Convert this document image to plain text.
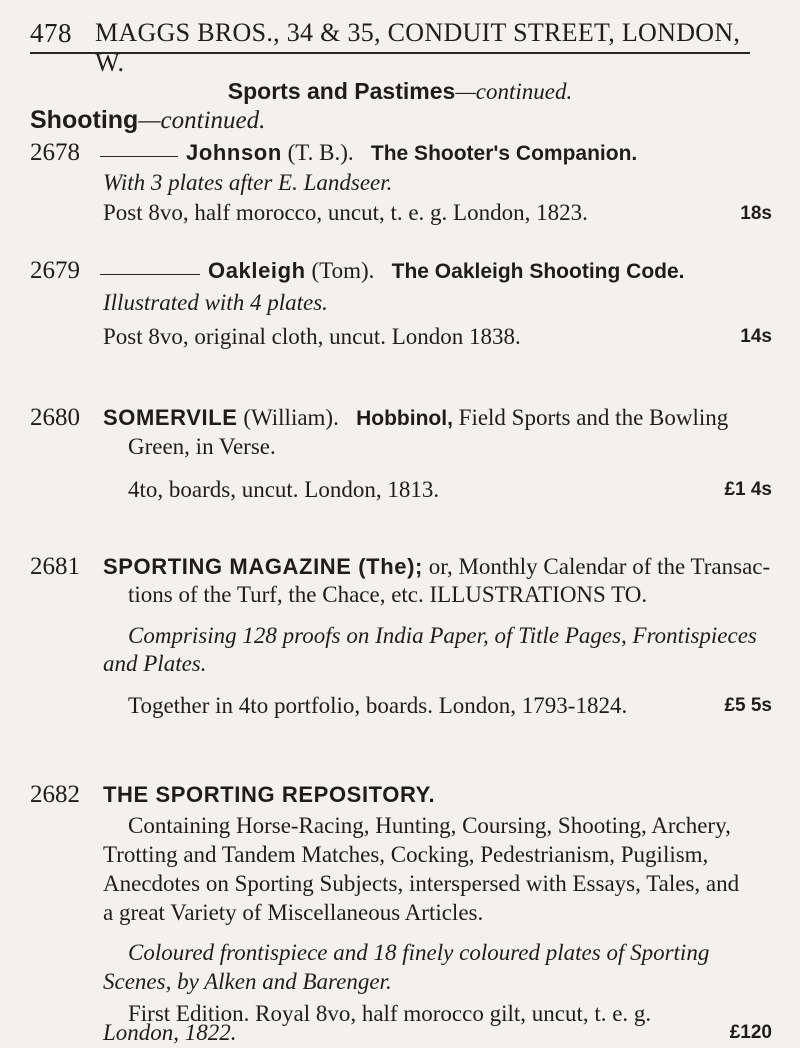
478 MAGGS BROS., 34 & 35, CONDUIT STREET, LONDON, W.
Sports and Pastimes—continued.
Shooting—continued.
2678	Johnson (T. B.). The Shooter's Companion.
With 3 plates after E. Landseer.
Post 8vo, half morocco, uncut, t. e. g. London, 1823.	18s
2679	Oakleigh (Tom). The Oakleigh Shooting Code.
Illustrated with 4 plates.
Post 8vo, original cloth, uncut. London 1838.	14s
2680 SOMERVILE (William). Hobbinol, Field Sports and the Bowling
Green, in Verse.
4to, boards, uncut. London, 1813.	£1 4s
2681 SPORTING MAGAZINE (The); or, Monthly Calendar of the Transac-
tions of the Turf, the Chace, etc. ILLUSTRATIONS TO.
Comprising 128 proofs on India Paper, of Title Pages, Frontispieces
and Plates.
Together in 4to portfolio, boards. London, 1793-1824.	£5 5s
2682 THE SPORTING REPOSITORY.
Containing Horse-Racing, Hunting, Coursing, Shooting, Archery,
Trotting and Tandem Matches, Cocking, Pedestrianism, Pugilism,
Anecdotes on Sporting Subjects, interspersed with Essays, Tales, and
a great Variety of Miscellaneous Articles.
Coloured frontispiece and 18 finely coloured plates of Sporting
Scenes, by Alken and Barenger.
First Edition. Royal 8vo, half morocco gilt, uncut, t. e. g.
London, 1822.	£120
